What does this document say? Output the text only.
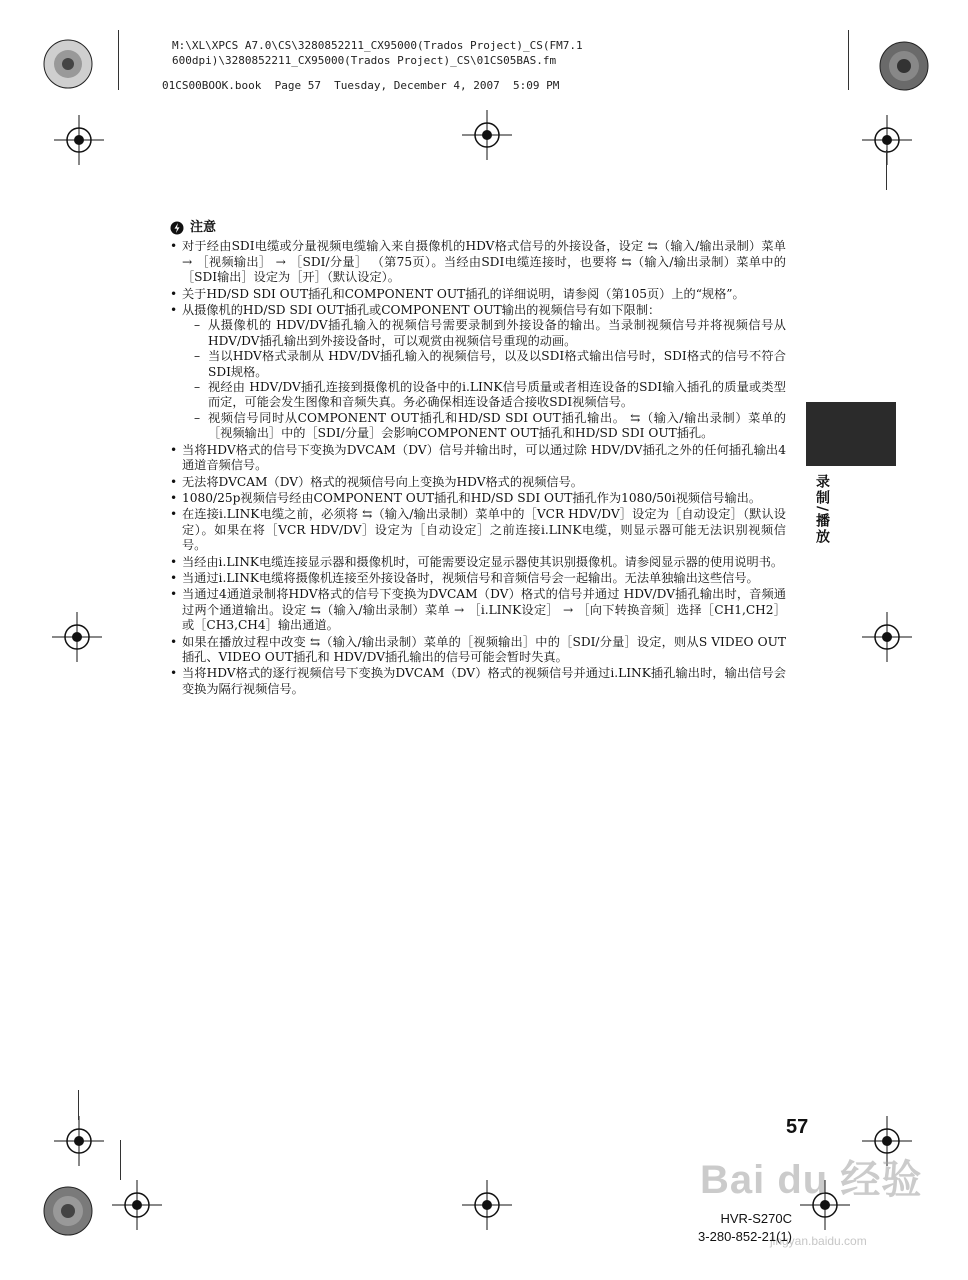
M:\XL\XPCS A7.0\CS\3280852211_CX95000(Trados Project)_CS(FM7.1
600dpi)\3280852211_CX95000(Trados Project)_CS\01CS05BAS.fm
01CS00BOOK.book  Page 57  Tuesday, December 4, 2007  5:09 PM
注意
• 对于经由SDI电缆或分量视频电缆输入来自摄像机的HDV格式信号的外接设备，设定 ⇆（输入/输出录制）菜单 → ［视频输出］ → ［SDI/分量］ （第75页）。当经由SDI电缆连接时，也要将 ⇆（输入/输出录制）菜单中的［SDI输出］设定为［开］（默认设定）。
• 关于HD/SD SDI OUT插孔和COMPONENT OUT插孔的详细说明，请参阅（第105页）上的“规格”。
• 从摄像机的HD/SD SDI OUT插孔或COMPONENT OUT输出的视频信号有如下限制：
– 从摄像机的 HDV/DV插孔输入的视频信号需要录制到外接设备的输出。当录制视频信号并将视频信号从 HDV/DV插孔输出到外接设备时，可以观赏由视频信号重现的动画。
– 当以HDV格式录制从 HDV/DV插孔输入的视频信号，以及以SDI格式输出信号时，SDI格式的信号不符合SDI规格。
– 视经由 HDV/DV插孔连接到摄像机的设备中的i.LINK信号质量或者相连设备的SDI输入插孔的质量或类型而定，可能会发生图像和音频失真。务必确保相连设备适合接收SDI视频信号。
– 视频信号同时从COMPONENT OUT插孔和HD/SD SDI OUT插孔输出。 ⇆（输入/输出录制）菜单的［视频输出］中的［SDI/分量］会影响COMPONENT OUT插孔和HD/SD SDI OUT插孔。
• 当将HDV格式的信号下变换为DVCAM（DV）信号并输出时，可以通过除 HDV/DV插孔之外的任何插孔输出4通道音频信号。
• 无法将DVCAM（DV）格式的视频信号向上变换为HDV格式的视频信号。
• 1080/25p视频信号经由COMPONENT OUT插孔和HD/SD SDI OUT插孔作为1080/50i视频信号输出。
• 在连接i.LINK电缆之前，必须将 ⇆（输入/输出录制）菜单中的［VCR HDV/DV］设定为［自动设定］（默认设定）。如果在将［VCR HDV/DV］设定为［自动设定］之前连接i.LINK电缆，则显示器可能无法识别视频信号。
• 当经由i.LINK电缆连接显示器和摄像机时，可能需要设定显示器使其识别摄像机。请参阅显示器的使用说明书。
• 当通过i.LINK电缆将摄像机连接至外接设备时，视频信号和音频信号会一起输出。无法单独输出这些信号。
• 当通过4通道录制将HDV格式的信号下变换为DVCAM（DV）格式的信号并通过 HDV/DV插孔输出时，音频通过两个通道输出。设定 ⇆（输入/输出录制）菜单 → ［i.LINK设定］ → ［向下转换音频］选择［CH1,CH2］或［CH3,CH4］输出通道。
• 如果在播放过程中改变 ⇆（输入/输出录制）菜单的［视频输出］中的［SDI/分量］设定，则从S VIDEO OUT插孔、VIDEO OUT插孔和 HDV/DV插孔输出的信号可能会暂时失真。
• 当将HDV格式的逐行视频信号下变换为DVCAM（DV）格式的视频信号并通过i.LINK插孔输出时，输出信号会变换为隔行视频信号。
录制/播放
Bai du 经验
jingyan.baidu.com
57
HVR-S270C
3-280-852-21(1)
